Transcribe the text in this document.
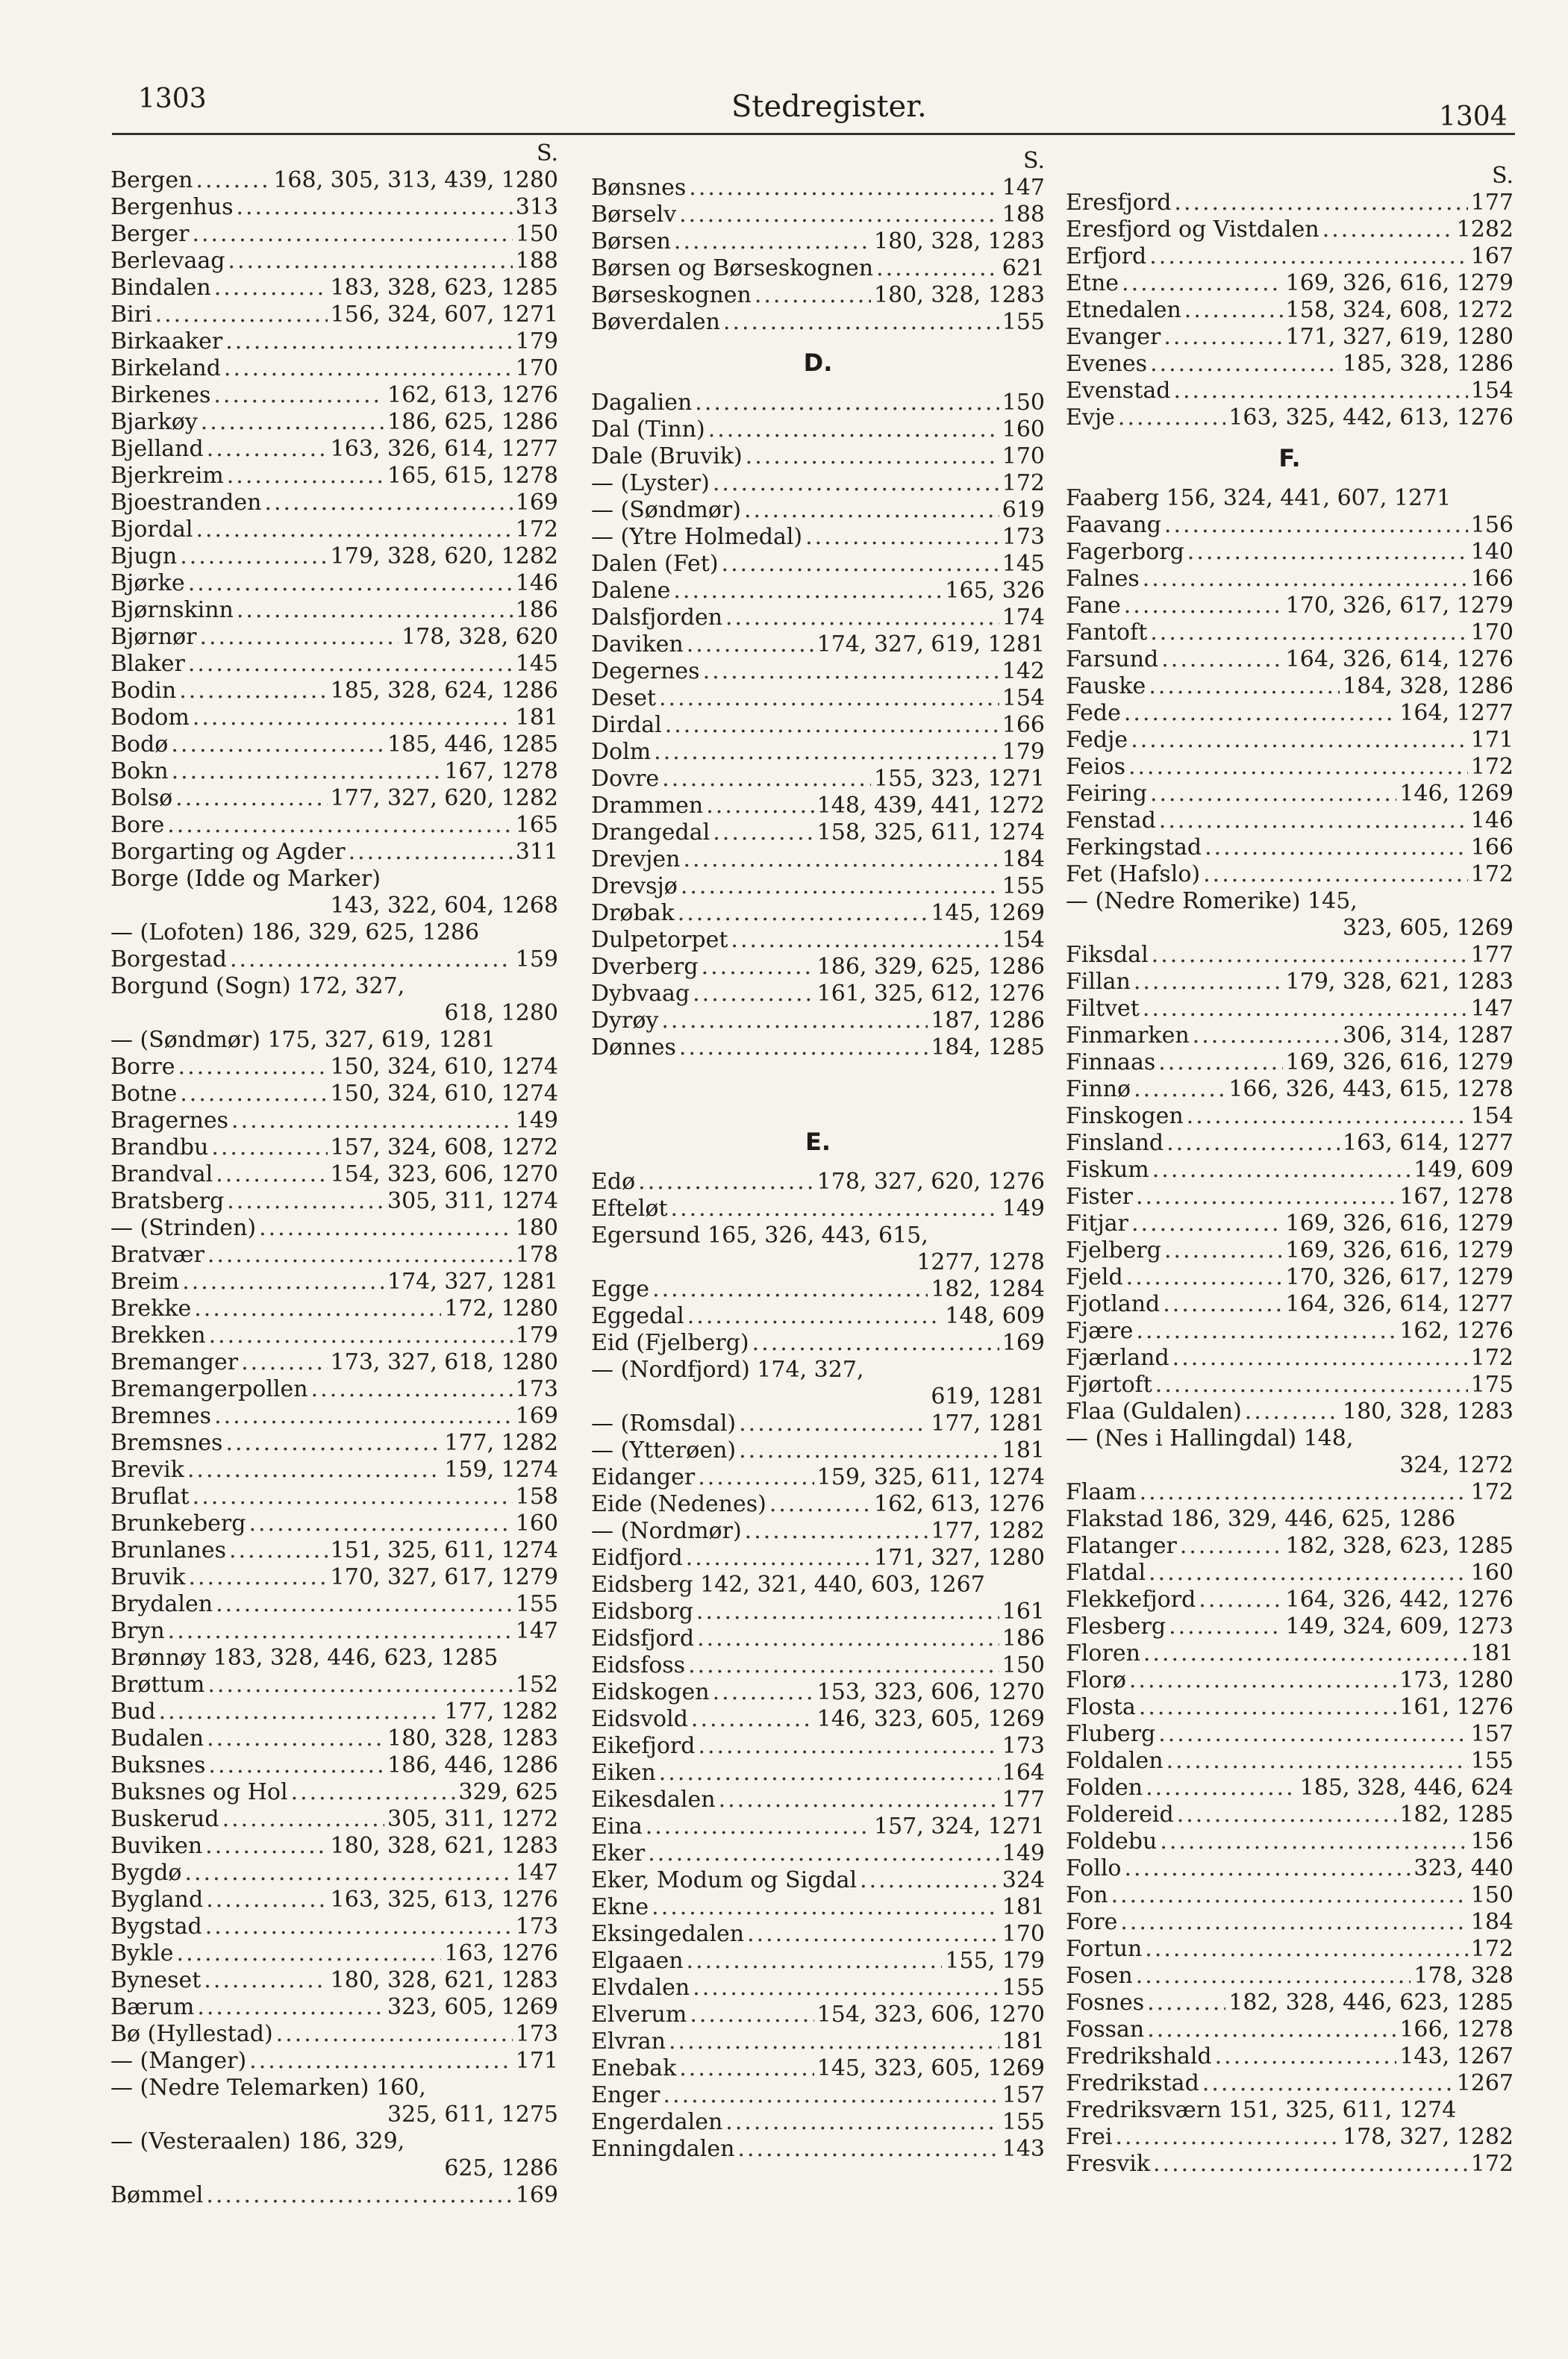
1303	Stedregister.	1304
S.
Bergen .....	168, 305, 313, 439, 1280
Bergenhus .....	313
Berger .....	150
Berlevaag .....	188
Bindalen .....	183, 328, 623, 1285
Biri .....	156, 324, 607, 1271
Birkaaker .....	179
Birkeland .....	170
Birkenes .....	162, 613, 1276
Bjarkøy .....	186, 625, 1286
Bjelland .....	163, 326, 614, 1277
Bjerkreim .....	165, 615, 1278
Bjoestranden .....	169
Bjordal .....	172
Bjugn .....	179, 328, 620, 1282
Bjørke .....	146
Bjørnskinn .....	186
Bjørnør .....	178, 328, 620
Blaker .....	145
Bodin .....	185, 328, 624, 1286
Bodom .....	181
Bodø .....	185, 446, 1285
Bokn .....	167, 1278
Bolsø .....	177, 327, 620, 1282
Bore .....	165
Borgarting og Agder .....	311
Borge (Idde og Marker)
143, 322, 604, 1268
— (Lofoten) 186, 329, 625, 1286
Borgestad .....	159
Borgund (Sogn) 172, 327,
618, 1280
— (Søndmør) 175, 327, 619, 1281
Borre .....	150, 324, 610, 1274
Botne .....	150, 324, 610, 1274
Bragernes .....	149
Brandbu .....	157, 324, 608, 1272
Brandval .....	154, 323, 606, 1270
Bratsberg .....	305, 311, 1274
— (Strinden) .....	180
Bratvær .....	178
Breim .....	174, 327, 1281
Brekke .....	172, 1280
Brekken .....	179
Bremanger .....	173, 327, 618, 1280
Bremangerpollen .....	173
Bremnes .....	169
Bremsnes .....	177, 1282
Brevik .....	159, 1274
Bruflat .....	158
Brunkeberg .....	160
Brunlanes .....	151, 325, 611, 1274
Bruvik .....	170, 327, 617, 1279
Brydalen .....	155
Bryn .....	147
Brønnøy 183, 328, 446, 623, 1285
Brøttum .....	152
Bud .....	177, 1282
Budalen .....	180, 328, 1283
Buksnes .....	186, 446, 1286
Buksnes og Hol .....	329, 625
Buskerud .....	305, 311, 1272
Buviken .....	180, 328, 621, 1283
Bygdø .....	147
Bygland .....	163, 325, 613, 1276
Bygstad .....	173
Bykle .....	163, 1276
Byneset .....	180, 328, 621, 1283
Bærum .....	323, 605, 1269
Bø (Hyllestad) .....	173
— (Manger) .....	171
— (Nedre Telemarken) 160,
325, 611, 1275
— (Vesteraalen) 186, 329,
625, 1286
Bømmel .....	169
S.
Bønsnes .....	147
Børselv .....	188
Børsen .....	180, 328, 1283
Børsen og Børseskognen .....	621
Børseskognen .....	180, 328, 1283
Bøverdalen .....	155
D.
Dagalien .....	150
Dal (Tinn) .....	160
Dale (Bruvik) .....	170
— (Lyster) .....	172
— (Søndmør) .....	619
— (Ytre Holmedal) .....	173
Dalen (Fet) .....	145
Dalene .....	165, 326
Dalsfjorden .....	174
Daviken .....	174, 327, 619, 1281
Degernes .....	142
Deset .....	154
Dirdal .....	166
Dolm .....	179
Dovre .....	155, 323, 1271
Drammen .....	148, 439, 441, 1272
Drangedal .....	158, 325, 611, 1274
Drevjen .....	184
Drevsjø .....	155
Drøbak .....	145, 1269
Dulpetorpet .....	154
Dverberg .....	186, 329, 625, 1286
Dybvaag .....	161, 325, 612, 1276
Dyrøy .....	187, 1286
Dønnes .....	184, 1285
E.
Edø .....	178, 327, 620, 1276
Efteløt .....	149
Egersund 165, 326, 443, 615,
1277, 1278
Egge .....	182, 1284
Eggedal .....	148, 609
Eid (Fjelberg) .....	169
— (Nordfjord) 174, 327,
619, 1281
— (Romsdal) .....	177, 1281
— (Ytterøen) .....	181
Eidanger .....	159, 325, 611, 1274
Eide (Nedenes) .....	162, 613, 1276
— (Nordmør) .....	177, 1282
Eidfjord .....	171, 327, 1280
Eidsberg 142, 321, 440, 603, 1267
Eidsborg .....	161
Eidsfjord .....	186
Eidsfoss .....	150
Eidskogen .....	153, 323, 606, 1270
Eidsvold .....	146, 323, 605, 1269
Eikefjord .....	173
Eiken .....	164
Eikesdalen .....	177
Eina .....	157, 324, 1271
Eker .....	149
Eker, Modum og Sigdal .....	324
Ekne .....	181
Eksingedalen .....	170
Elgaaen .....	155, 179
Elvdalen .....	155
Elverum .....	154, 323, 606, 1270
Elvran .....	181
Enebak .....	145, 323, 605, 1269
Enger .....	157
Engerdalen .....	155
Enningdalen .....	143
S.
Eresfjord .....	177
Eresfjord og Vistdalen .....	1282
Erfjord .....	167
Etne .....	169, 326, 616, 1279
Etnedalen .....	158, 324, 608, 1272
Evanger .....	171, 327, 619, 1280
Evenes .....	185, 328, 1286
Evenstad .....	154
Evje .....	163, 325, 442, 613, 1276
F.
Faaberg 156, 324, 441, 607, 1271
Faavang .....	156
Fagerborg .....	140
Falnes .....	166
Fane .....	170, 326, 617, 1279
Fantoft .....	170
Farsund .....	164, 326, 614, 1276
Fauske .....	184, 328, 1286
Fede .....	164, 1277
Fedje .....	171
Feios .....	172
Feiring .....	146, 1269
Fenstad .....	146
Ferkingstad .....	166
Fet (Hafslo) .....	172
— (Nedre Romerike) 145,
323, 605, 1269
Fiksdal .....	177
Fillan .....	179, 328, 621, 1283
Filtvet .....	147
Finmarken .....	306, 314, 1287
Finnaas .....	169, 326, 616, 1279
Finnø .....	166, 326, 443, 615, 1278
Finskogen .....	154
Finsland .....	163, 614, 1277
Fiskum .....	149, 609
Fister .....	167, 1278
Fitjar .....	169, 326, 616, 1279
Fjelberg .....	169, 326, 616, 1279
Fjeld .....	170, 326, 617, 1279
Fjotland .....	164, 326, 614, 1277
Fjære .....	162, 1276
Fjærland .....	172
Fjørtoft .....	175
Flaa (Guldalen) .....	180, 328, 1283
— (Nes i Hallingdal) 148,
324, 1272
Flaam .....	172
Flakstad 186, 329, 446, 625, 1286
Flatanger .....	182, 328, 623, 1285
Flatdal .....	160
Flekkefjord .....	164, 326, 442, 1276
Flesberg .....	149, 324, 609, 1273
Floren .....	181
Florø .....	173, 1280
Flosta .....	161, 1276
Fluberg .....	157
Foldalen .....	155
Folden .....	185, 328, 446, 624
Foldereid .....	182, 1285
Foldebu .....	156
Follo .....	323, 440
Fon .....	150
Fore .....	184
Fortun .....	172
Fosen .....	178, 328
Fosnes .....	182, 328, 446, 623, 1285
Fossan .....	166, 1278
Fredrikshald .....	143, 1267
Fredrikstad .....	1267
Fredriksværn 151, 325, 611, 1274
Frei .....	178, 327, 1282
Fresvik .....	172
